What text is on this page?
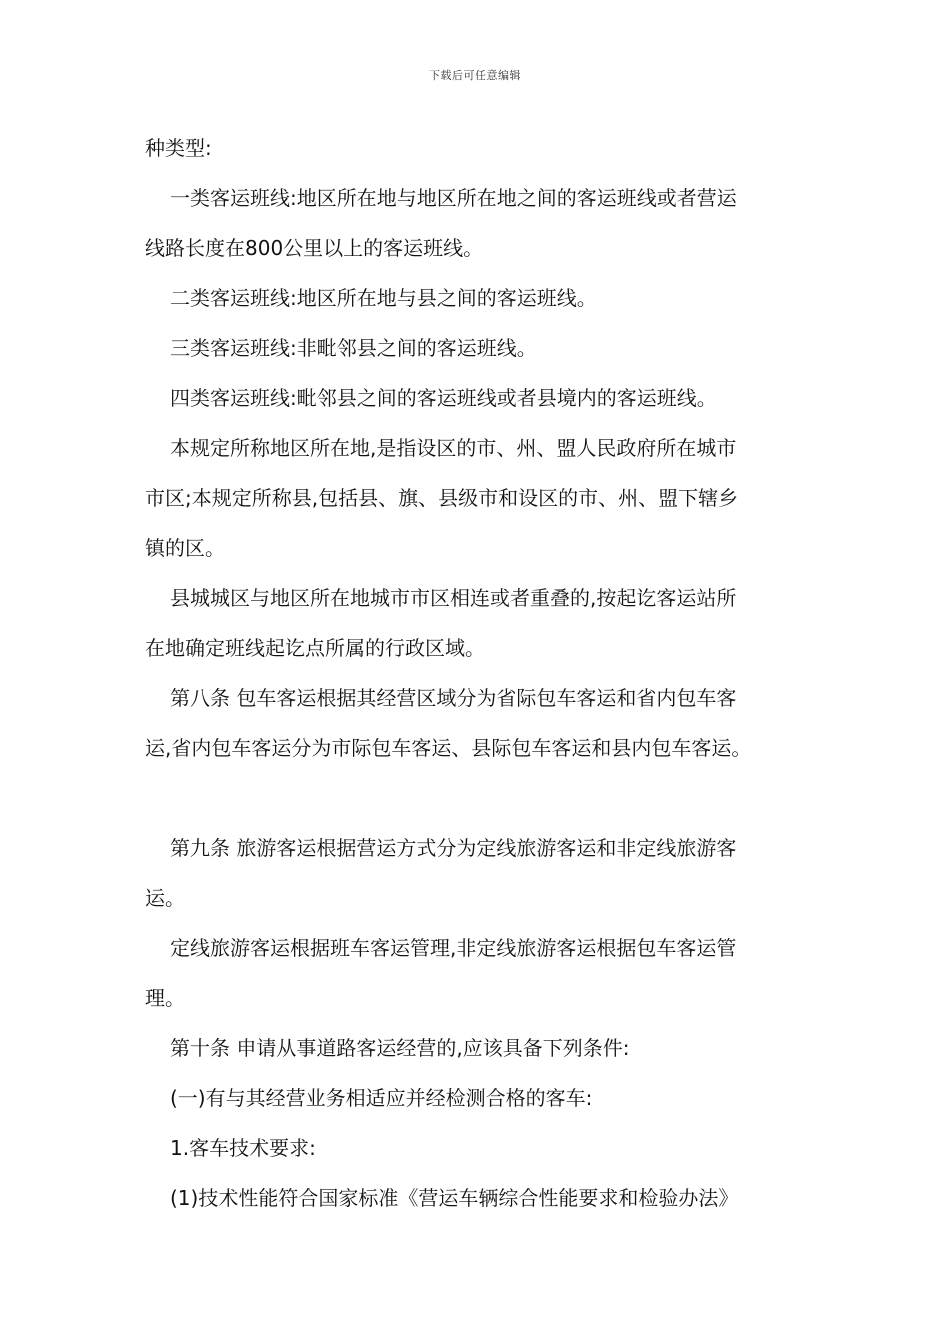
下载后可任意编辑
种类型:
一类客运班线:地区所在地与地区所在地之间的客运班线或者营运
线路长度在800公里以上的客运班线。
二类客运班线:地区所在地与县之间的客运班线。
三类客运班线:非毗邻县之间的客运班线。
四类客运班线:毗邻县之间的客运班线或者县境内的客运班线。
本规定所称地区所在地,是指设区的市、州、盟人民政府所在城市
市区;本规定所称县,包括县、旗、县级市和设区的市、州、盟下辖乡
镇的区。
县城城区与地区所在地城市市区相连或者重叠的,按起讫客运站所
在地确定班线起讫点所属的行政区域。
第八条 包车客运根据其经营区域分为省际包车客运和省内包车客
运,省内包车客运分为市际包车客运、县际包车客运和县内包车客运。
第九条 旅游客运根据营运方式分为定线旅游客运和非定线旅游客
运。
定线旅游客运根据班车客运管理,非定线旅游客运根据包车客运管
理。
第十条 申请从事道路客运经营的,应该具备下列条件:
(一)有与其经营业务相适应并经检测合格的客车:
1.客车技术要求:
(1)技术性能符合国家标准《营运车辆综合性能要求和检验办法》
